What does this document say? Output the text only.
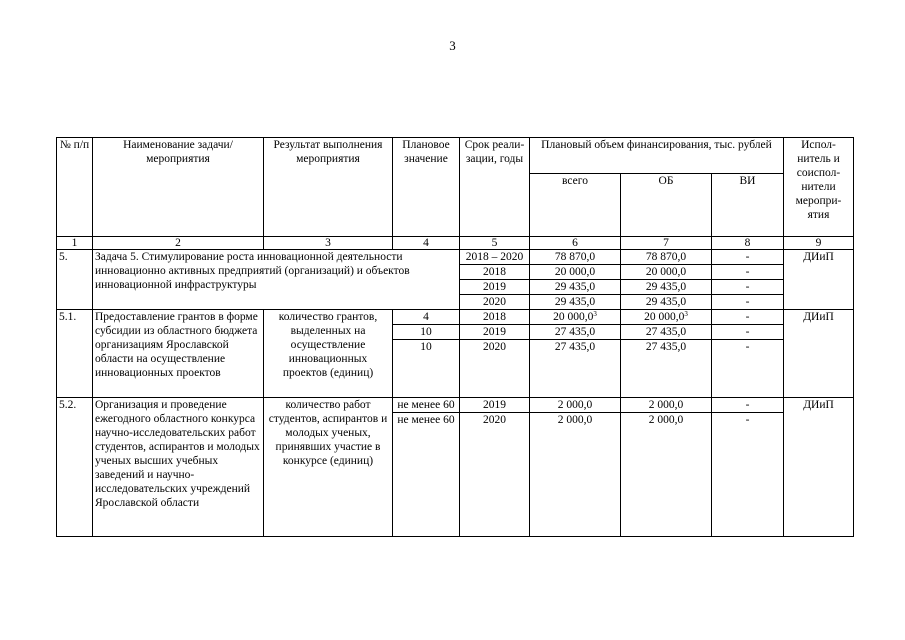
3
№ п/п	Наименование задачи/мероприятия	Результат выполнения мероприятия	Плановое значение	Срок реали-зации, годы	Плановый объем финансирования, тыс. рублей			Испол-нитель и соиспол-нители меропри-ятия
					всего	ОБ	ВИ	
1	2	3	4	5	6	7	8	9
5.	Задача 5. Стимулирование роста инновационной деятельности инновационно активных предприятий (организаций) и объектов инновационной инфраструктуры			2018 – 2020	78 870,0	78 870,0	-	ДИиП
				2018	20 000,0	20 000,0	-	
				2019	29 435,0	29 435,0	-	
				2020	29 435,0	29 435,0	-	
5.1.	Предоставление грантов в форме субсидии из областного бюджета организациям Ярославской области на осуществление инновационных проектов	количество грантов, выделенных на осуществление инновационных проектов (единиц)	4	2018	20 000,0$^3$	20 000,0$^3$	-	ДИиП
			10	2019	27 435,0	27 435,0	-	
			10	2020	27 435,0	27 435,0	-	
5.2.	Организация и проведение ежегодного областного конкурса научно-исследовательских работ студентов, аспирантов и молодых ученых высших учебных заведений и научно-исследовательских учреждений Ярославской области	количество работ студентов, аспирантов и молодых ученых, принявших участие в конкурсе (единиц)	не менее 60	2019	2 000,0	2 000,0	-	ДИиП
			не менее 60	2020	2 000,0	2 000,0	-	
